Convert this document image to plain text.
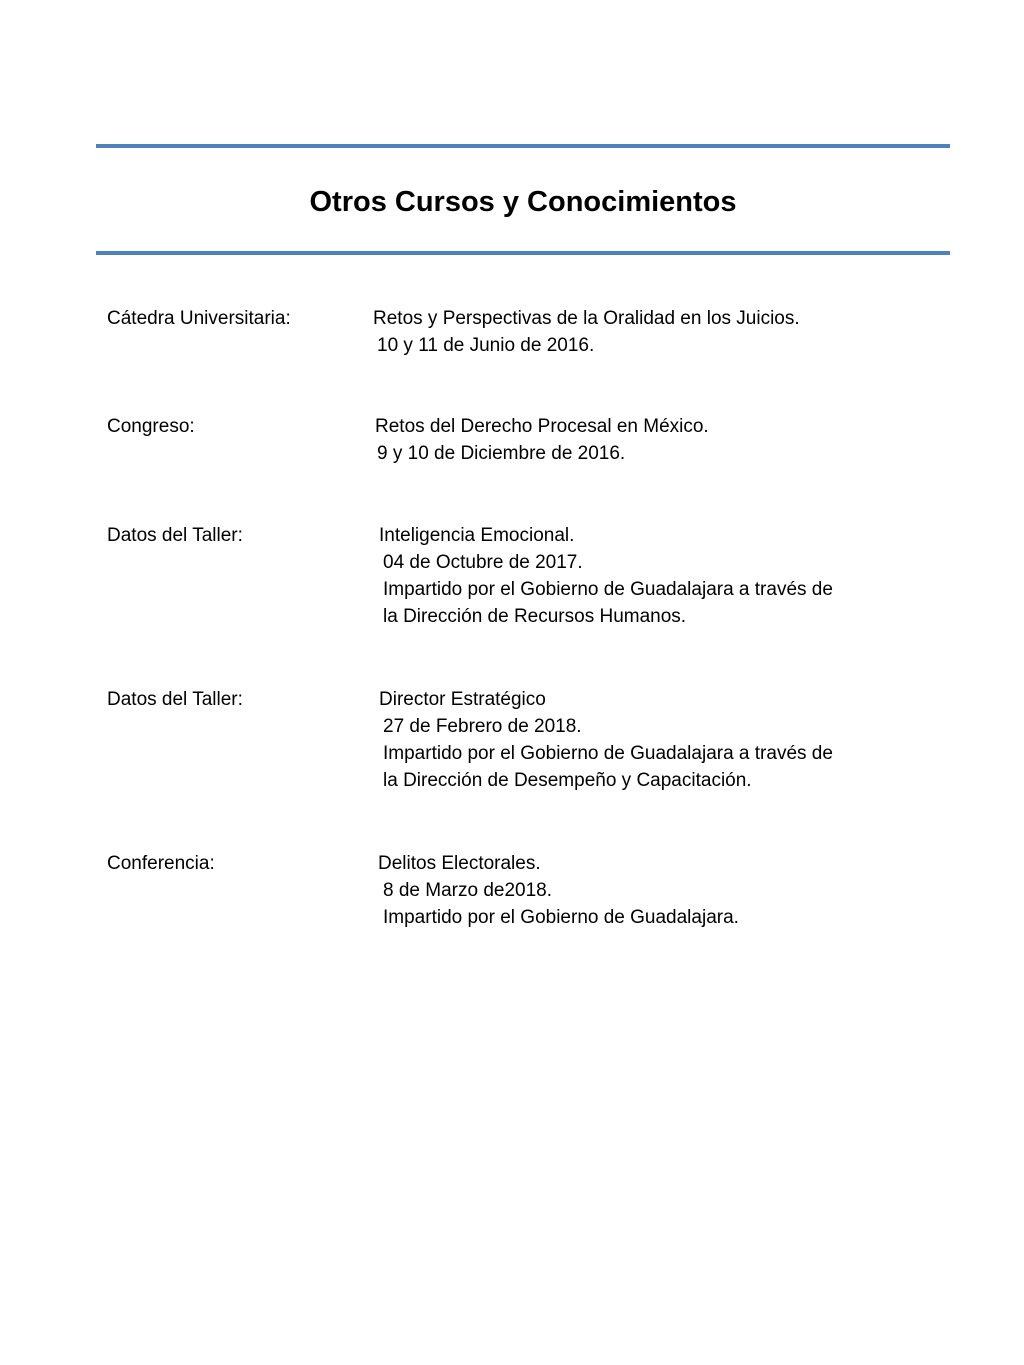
Otros Cursos y Conocimientos
Cátedra Universitaria:	Retos y Perspectivas de la Oralidad en los Juicios.
10 y 11 de Junio de 2016.
Congreso:	Retos del Derecho Procesal en México.
9 y 10 de Diciembre de 2016.
Datos del Taller:	Inteligencia Emocional.
04 de Octubre de 2017.
Impartido por el Gobierno de Guadalajara a través de
la Dirección de Recursos Humanos.
Datos del Taller:	Director Estratégico
27 de Febrero de 2018.
Impartido por el Gobierno de Guadalajara a través de
la Dirección de Desempeño y Capacitación.
Conferencia:	Delitos Electorales.
8 de Marzo de2018.
Impartido por el Gobierno de Guadalajara.
